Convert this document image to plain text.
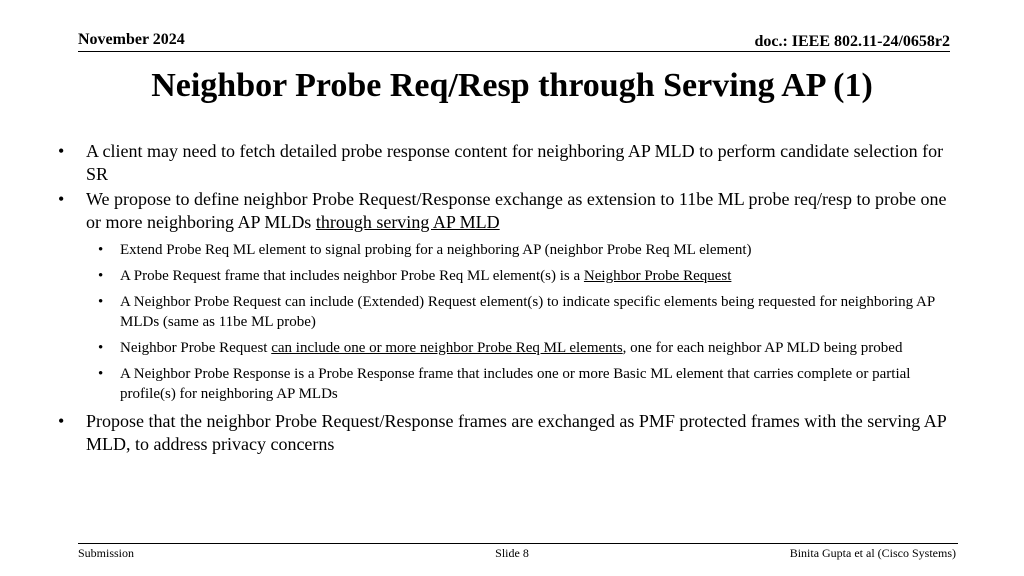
November 2024	doc.: IEEE 802.11-24/0658r2
Neighbor Probe Req/Resp through Serving AP (1)
• A client may need to fetch detailed probe response content for neighboring AP MLD to perform candidate selection for SR
• We propose to define neighbor Probe Request/Response exchange as extension to 11be ML probe req/resp to probe one or more neighboring AP MLDs through serving AP MLD
• Extend Probe Req ML element to signal probing for a neighboring AP (neighbor Probe Req ML element)
• A Probe Request frame that includes neighbor Probe Req ML element(s) is a Neighbor Probe Request
• A Neighbor Probe Request can include (Extended) Request element(s) to indicate specific elements being requested for neighboring AP MLDs (same as 11be ML probe)
• Neighbor Probe Request can include one or more neighbor Probe Req ML elements, one for each neighbor AP MLD being probed
• A Neighbor Probe Response is a Probe Response frame that includes one or more Basic ML element that carries complete or partial profile(s) for neighboring AP MLDs
• Propose that the neighbor Probe Request/Response frames are exchanged as PMF protected frames with the serving AP MLD, to address privacy concerns
Submission	Slide 8	Binita Gupta et al (Cisco Systems)
